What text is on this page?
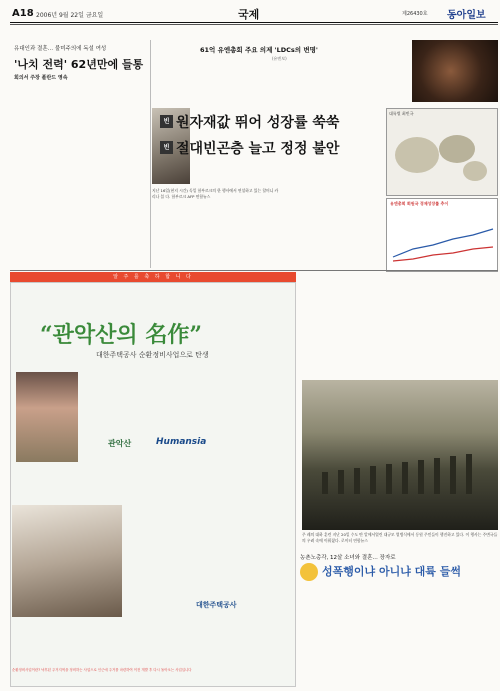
A18 2006년 9월 22일 금요일	국제	제26430호 동아일보
유대인과 결혼… 불미주의에 독설 여성
'나치 전력' 62년만에 들통
회의서 주장 폴란드 영속
지난 16일(현지 시간) 독일 함부르크의 한 행사에서 연설하고 있는 할머니 카리나 블 다. 함부르크 AFP 연합뉴스
61억 유엔총회 주요 의제 'LDCs의 변명'
(유엔보)
대륙별 최빈국
빈 원자재값 뛰어 성장률 쑥쑥
빈 절대빈곤층 늘고 정정 불안
유엔총회 회원국 경제성장률 추이
알 주 를 축 하 합 니 다
“관악산의 名作”
대한주택공사 순환정비사업으로 탄생
관악산	Humansia
대한주택공사
순환정비사업이란? 낙후된 주거지역을 정비하는 사업으로 인근에 주거를 마련하여 이전 개발 후 다시 돌아오는 사업입니다
주 레의 대하 훈련 지난 20일 수도 탄 알에서열린 대규모 열병식에서 동원 주민들이 행진하고 있다. 이 행사는 주변국들의 우려 속에 이뤄졌다. 로이터 연합뉴스
농촌노총각, 12살 소녀와 결혼… 장자로
성폭행이냐 아니냐 대륙 들썩
